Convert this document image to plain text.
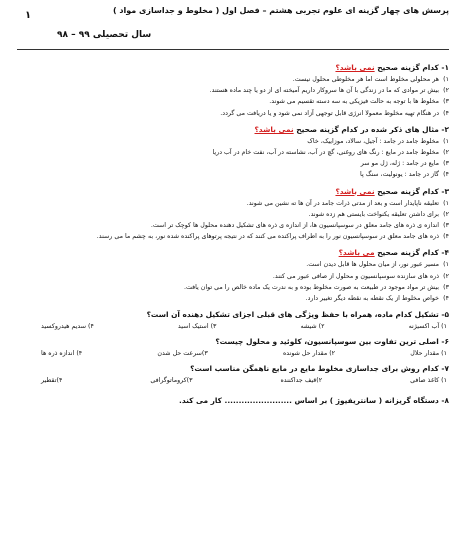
پرسش های چهار گزینه ای علوم تجربی هشتم – فصل اول ( مخلوط و جداسازی مواد )
۱
سال تحصیلی ۹۹ – ۹۸
۱- کدام گزینه صحیح نمی باشد؟
۱)
هر محلولی مخلوط است اما هر مخلوطی محلول نیست.
۲)
بیش تر موادی که ما در زندگی با آن ها سروکار داریم آمیخته ای از دو یا چند ماده هستند.
۳)
مخلوط ها با توجه به حالت فیزیکی به سه دسته تقسیم می شوند.
۴)
در هنگام تهیه مخلوط معمولا انرژی قابل توجهی آزاد نمی شود و یا دریافت می گردد.
۲- مثال های ذکر شده در کدام گزینه صحیح نمی باشد؟
۱)
مخلوط جامد در جامد : آجیل، سالاد، موزاییک، خاک
۲)
مخلوط جامد در مایع : رنگ های روغنی، گچ در آب، نشاسته در آب، نفت خام در آب دریا
۳)
مایع در جامد : ژله، ژل مو سر
۴)
گاز در جامد : یونولیت، سنگ پا
۳- کدام گزینه صحیح نمی باشد؟
۱)
تعلیقه ناپایدار است و بعد از مدتی ذرات جامد در آن ها ته نشین می شوند.
۲)
برای داشتن تعلیقه یکنواخت بایستی هم زده شوند.
۳)
اندازه ی ذره های جامد معلق در سوسپانسیون ها، از اندازه ی ذره های تشکیل دهنده محلول ها کوچک تر است.
۴)
ذره های جامد معلق در سوسپانسیون نور را به اطراف پراکنده می کنند که در نتیجه پرتوهای پراکنده شده نور، به چشم ما می رسند.
۴- کدام گزینه صحیح می باشد؟
۱)
مسیر عبور نور، از میان محلول ها قابل دیدن است.
۲)
ذره های سازنده سوسپانسیون و محلول از صافی عبور می کنند.
۳)
بیش تر مواد موجود در طبیعت به صورت مخلوط بوده و به ندرت یک ماده خالص را می توان یافت.
۴)
خواص مخلوط از یک نقطه به نقطه دیگر تغییر دارد.
۵- تشکیل کدام ماده، همراه با حفظ ویژگی های قبلی اجزای تشکیل دهنده آن است؟
۱) آب اکسیژنه
۲) شیشه
۳) استیک اسید
۴) سدیم هیدروکسید
۶- اصلی ترین تفاوت بین سوسپانسیون، کلوئید و محلول چیست؟
۱) مقدار حلال
۲) مقدار حل شونده
۳)سرعت حل شدن
۴) اندازه ذره ها
۷- کدام روش برای جداسازی مخلوط مایع در مایع ناهمگن مناسب است؟
۱) کاغذ صافی
۲)قیف جداکننده
۳)کروماتوگرافی
۴)تقطیر
۸- دستگاه گریزانه ( سانتریفیوژ ) بر اساس ........................ کار می کند.
